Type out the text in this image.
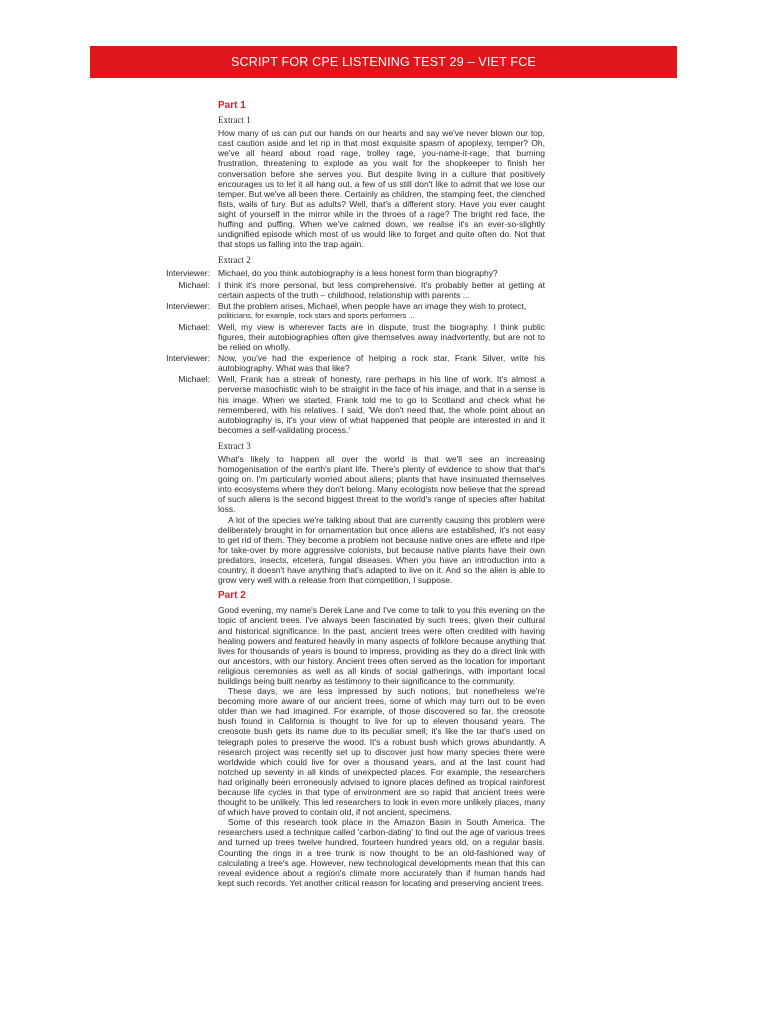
SCRIPT FOR CPE LISTENING TEST 29 – VIET FCE
Part 1
Extract 1

How many of us can put our hands on our hearts and say we've never blown our top, cast caution aside and let rip in that most exquisite spasm of apoplexy, temper? Oh, we've all heard about road rage, trolley rage, you-name-it-rage; that burning frustration, threatening to explode as you wait for the shopkeeper to finish her conversation before she serves you. But despite living in a culture that positively encourages us to let it all hang out, a few of us still don't like to admit that we lose our temper. But we've all been there. Certainly as children, the stamping feet, the clenched fists, wails of fury. But as adults? Well, that's a different story. Have you ever caught sight of yourself in the mirror while in the throes of a rage? The bright red face, the huffing and puffing. When we've calmed down, we realise it's an ever-so-slightly undignified episode which most of us would like to forget and quite often do. Not that that stops us falling into the trap again.

Extract 2
Interviewer: Michael, do you think autobiography is a less honest form than biography?
Michael: I think it's more personal, but less comprehensive. It's probably better at getting at certain aspects of the truth – childhood, relationship with parents ...
Interviewer: But the problem arises, Michael, when people have an image they wish to protect,
politicians, for example, rock stars and sports performers ...
Michael: Well, my view is wherever facts are in dispute, trust the biography. I think public figures, their autobiographies often give themselves away inadvertently, but are not to be relied on wholly.
Interviewer: Now, you've had the experience of helping a rock star, Frank Silver, write his autobiography. What was that like?
Michael: Well, Frank has a streak of honesty, rare perhaps in his line of work. It's almost a perverse masochistic wish to be straight in the face of his image, and that in a sense is his image. When we started, Frank told me to go to Scotland and check what he remembered, with his relatives. I said, 'We don't need that, the whole point about an autobiography is, it's your view of what happened that people are interested in and it becomes a self-validating process.'
Extract 3

What's likely to happen all over the world is that we'll see an increasing homogenisation of the earth's plant life. There's plenty of evidence to show that that's going on. I'm particularly worried about aliens; plants that have insinuated themselves into ecosystems where they don't belong. Many ecologists now believe that the spread of such aliens is the second biggest threat to the world's range of species after habitat loss.

A lot of the species we're talking about that are currently causing this problem were deliberately brought in for ornamentation but once aliens are established, it's not easy to get rid of them. They become a problem not because native ones are effete and ripe for take-over by more aggressive colonists, but because native plants have their own predators, insects, etcetera, fungal diseases. When you have an introduction into a country, it doesn't have anything that's adapted to live on it. And so the alien is able to grow very well with a release from that competition, I suppose.

Part 2

Good evening, my name's Derek Lane and I've come to talk to you this evening on the topic of ancient trees. I've always been fascinated by such trees, given their cultural and historical significance. In the past, ancient trees were often credited with having healing powers and featured heavily in many aspects of folklore because anything that lives for thousands of years is bound to impress, providing as they do a direct link with our ancestors, with our history. Ancient trees often served as the location for important religious ceremonies as well as all kinds of social gatherings, with important local buildings being built nearby as testimony to their significance to the community.

These days, we are less impressed by such notions, but nonetheless we're becoming more aware of our ancient trees, some of which may turn out to be even older than we had imagined. For example, of those discovered so far, the creosote bush found in California is thought to live for up to eleven thousand years. The creosote bush gets its name due to its peculiar smell; it's like the tar that's used on telegraph poles to preserve the wood. It's a robust bush which grows abundantly. A research project was recently set up to discover just how many species there were worldwide which could live for over a thousand years, and at the last count had notched up seventy in all kinds of unexpected places. For example, the researchers had originally been erroneously advised to ignore places defined as tropical rainforest because life cycles in that type of environment are so rapid that ancient trees were thought to be unlikely. This led researchers to look in even more unlikely places, many of which have proved to contain old, if not ancient, specimens.

Some of this research took place in the Amazon Basin in South America. The researchers used a technique called 'carbon-dating' to find out the age of various trees and turned up trees twelve hundred, fourteen hundred years old, on a regular basis. Counting the rings in a tree trunk is now thought to be an old-fashioned way of calculating a tree's age. However, new technological developments mean that this can reveal evidence about a region's climate more accurately than if human hands had kept such records. Yet another critical reason for locating and preserving ancient trees.
